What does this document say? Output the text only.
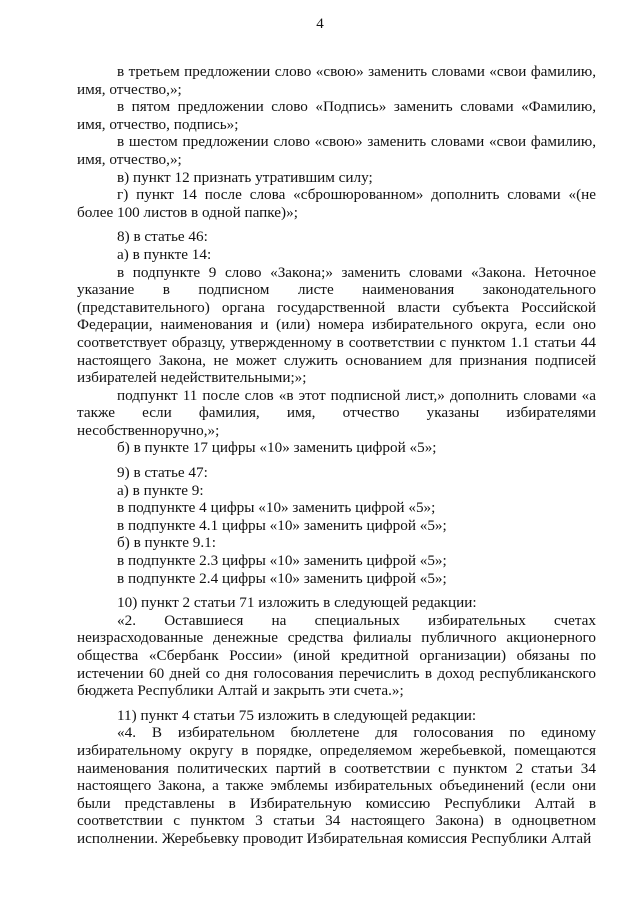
4

в третьем предложении слово «свою» заменить словами «свои фамилию, имя, отчество,»;

в пятом предложении слово «Подпись» заменить словами «Фамилию, имя, отчество, подпись»;

в шестом предложении слово «свою» заменить словами «свои фамилию, имя, отчество,»;

в) пункт 12 признать утратившим силу;

г) пункт 14 после слова «сброшюрованном» дополнить словами «(не более 100 листов в одной папке)»;

8) в статье 46:

а) в пункте 14:

в подпункте 9 слово «Закона;» заменить словами «Закона. Неточное указание в подписном листе наименования законодательного (представительного) органа государственной власти субъекта Российской Федерации, наименования и (или) номера избирательного округа, если оно соответствует образцу, утвержденному в соответствии с пунктом 1.1 статьи 44 настоящего Закона, не может служить основанием для признания подписей избирателей недействительными;»;

подпункт 11 после слов «в этот подписной лист,» дополнить словами «а также если фамилия, имя, отчество указаны избирателями несобственноручно,»;

б) в пункте 17 цифры «10» заменить цифрой «5»;

9) в статье 47:

а) в пункте 9:

в подпункте 4 цифры «10» заменить цифрой «5»;

в подпункте 4.1 цифры «10» заменить цифрой «5»;

б) в пункте 9.1:

в подпункте 2.3 цифры «10» заменить цифрой «5»;

в подпункте 2.4 цифры «10» заменить цифрой «5»;

10) пункт 2 статьи 71 изложить в следующей редакции:

«2. Оставшиеся на специальных избирательных счетах неизрасходованные денежные средства филиалы публичного акционерного общества «Сбербанк России» (иной кредитной организации) обязаны по истечении 60 дней со дня голосования перечислить в доход республиканского бюджета Республики Алтай и закрыть эти счета.»;

11) пункт 4 статьи 75 изложить в следующей редакции:

«4. В избирательном бюллетене для голосования по единому избирательному округу в порядке, определяемом жеребьевкой, помещаются наименования политических партий в соответствии с пунктом 2 статьи 34 настоящего Закона, а также эмблемы избирательных объединений (если они были представлены в Избирательную комиссию Республики Алтай в соответствии с пунктом 3 статьи 34 настоящего Закона) в одноцветном исполнении. Жеребьевку проводит Избирательная комиссия Республики Алтай
